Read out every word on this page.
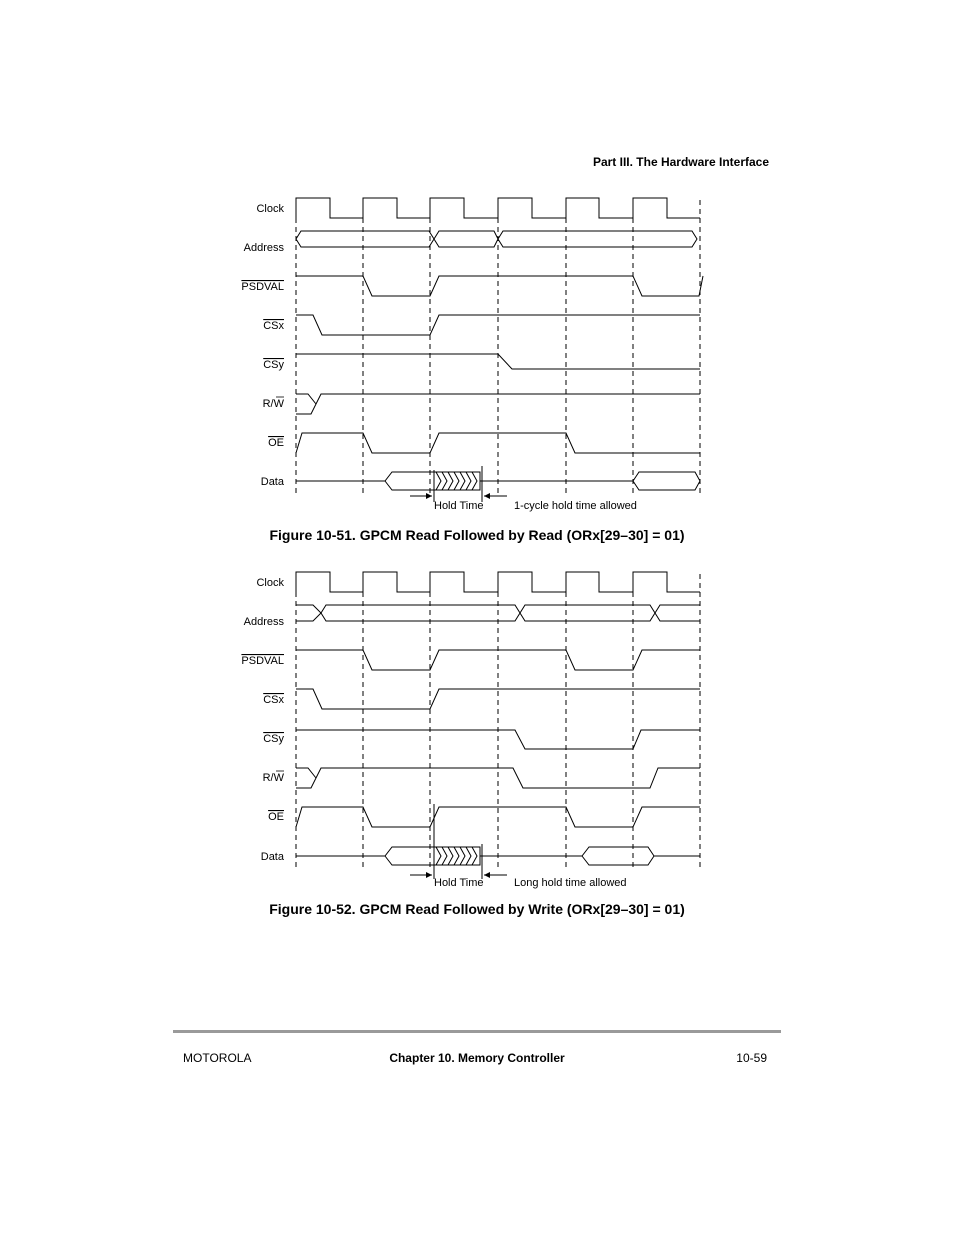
Part III. The Hardware Interface
Clock
Address
PSDVAL
CSx
CSy
R/W
OE
Data
Hold Time	1-cycle hold time allowed
Figure 10-51. GPCM Read Followed by Read (ORx[29–30] = 01)
Clock
Address
PSDVAL
CSx
CSy
R/W
OE
Data
Hold Time	Long hold time allowed
Figure 10-52. GPCM Read Followed by Write (ORx[29–30] = 01)
MOTOROLA	Chapter 10. Memory Controller	10-59
